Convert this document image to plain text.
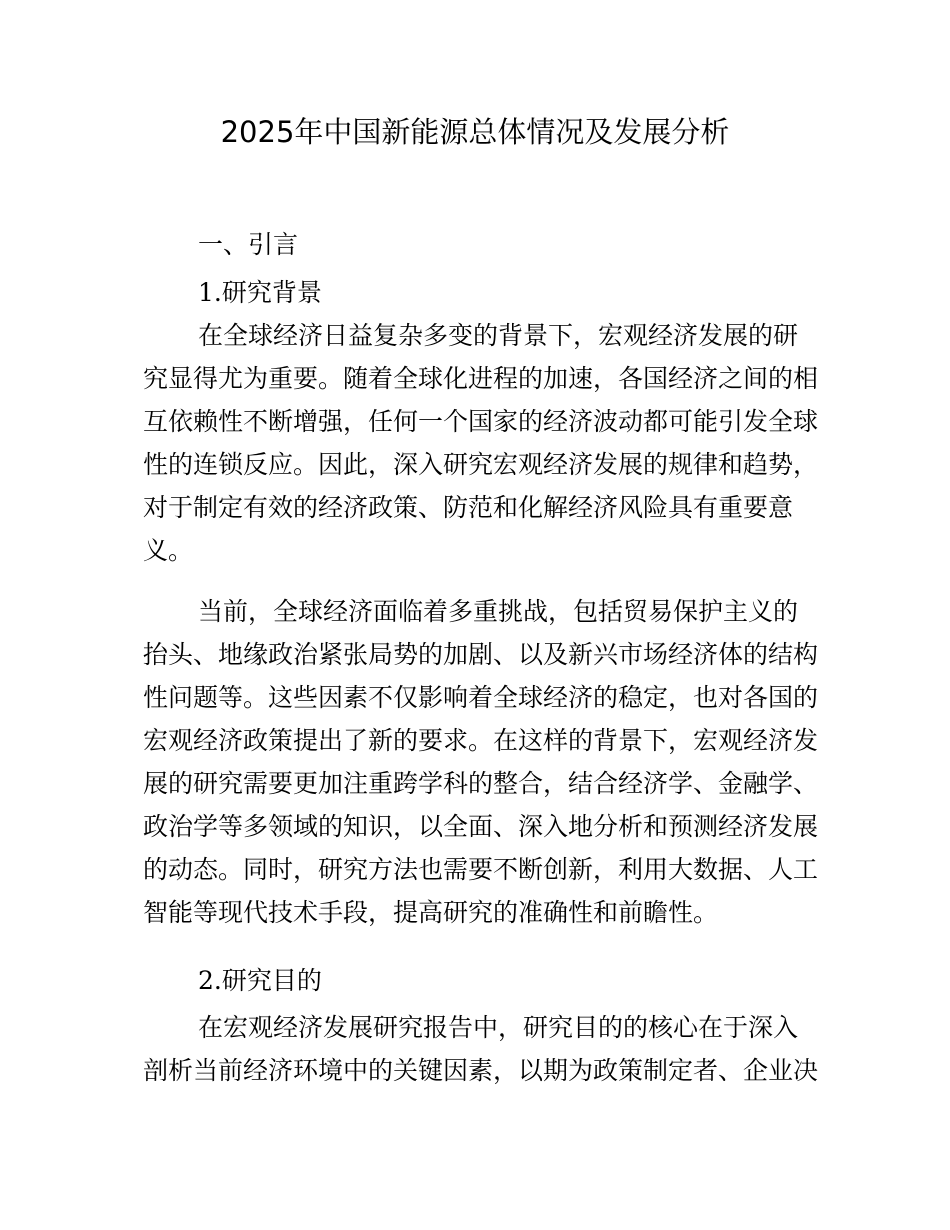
2025年中国新能源总体情况及发展分析
一、引言
1.研究背景
在全球经济日益复杂多变的背景下，宏观经济发展的研
究显得尤为重要。随着全球化进程的加速，各国经济之间的相
互依赖性不断增强，任何一个国家的经济波动都可能引发全球
性的连锁反应。因此，深入研究宏观经济发展的规律和趋势，
对于制定有效的经济政策、防范和化解经济风险具有重要意
义。
当前，全球经济面临着多重挑战，包括贸易保护主义的
抬头、地缘政治紧张局势的加剧、以及新兴市场经济体的结构
性问题等。这些因素不仅影响着全球经济的稳定，也对各国的
宏观经济政策提出了新的要求。在这样的背景下，宏观经济发
展的研究需要更加注重跨学科的整合，结合经济学、金融学、
政治学等多领域的知识，以全面、深入地分析和预测经济发展
的动态。同时，研究方法也需要不断创新，利用大数据、人工
智能等现代技术手段，提高研究的准确性和前瞻性。
2.研究目的
在宏观经济发展研究报告中，研究目的的核心在于深入
剖析当前经济环境中的关键因素，以期为政策制定者、企业决
